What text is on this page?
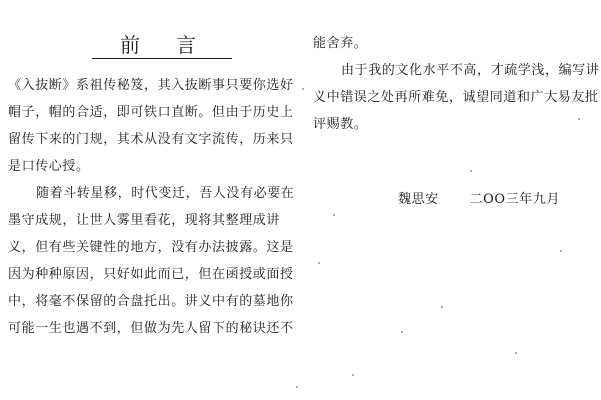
前　言
《入抜断》系祖传秘笈，其入抜断事只要你选好
帽子，帽的合适，即可铁口直断。但由于历史上
留传下来的门规，其术从没有文字流传，历来只
是口传心授。
随着斗转星移，时代变迁，吾人没有必要在
墨守成规，让世人雾里看花，现将其整理成讲
义，但有些关键性的地方，没有办法披露。这是
因为种种原因，只好如此而已，但在函授或面授
中，将毫不保留的合盘托出。讲义中有的墓地你
可能一生也遇不到，但做为先人留下的秘诀还不
能舍弃。
由于我的文化水平不高，才疏学浅，编写讲
义中错误之处再所难免，诚望同道和广大易友批
评赐教。
魏思安 二OO三年九月
